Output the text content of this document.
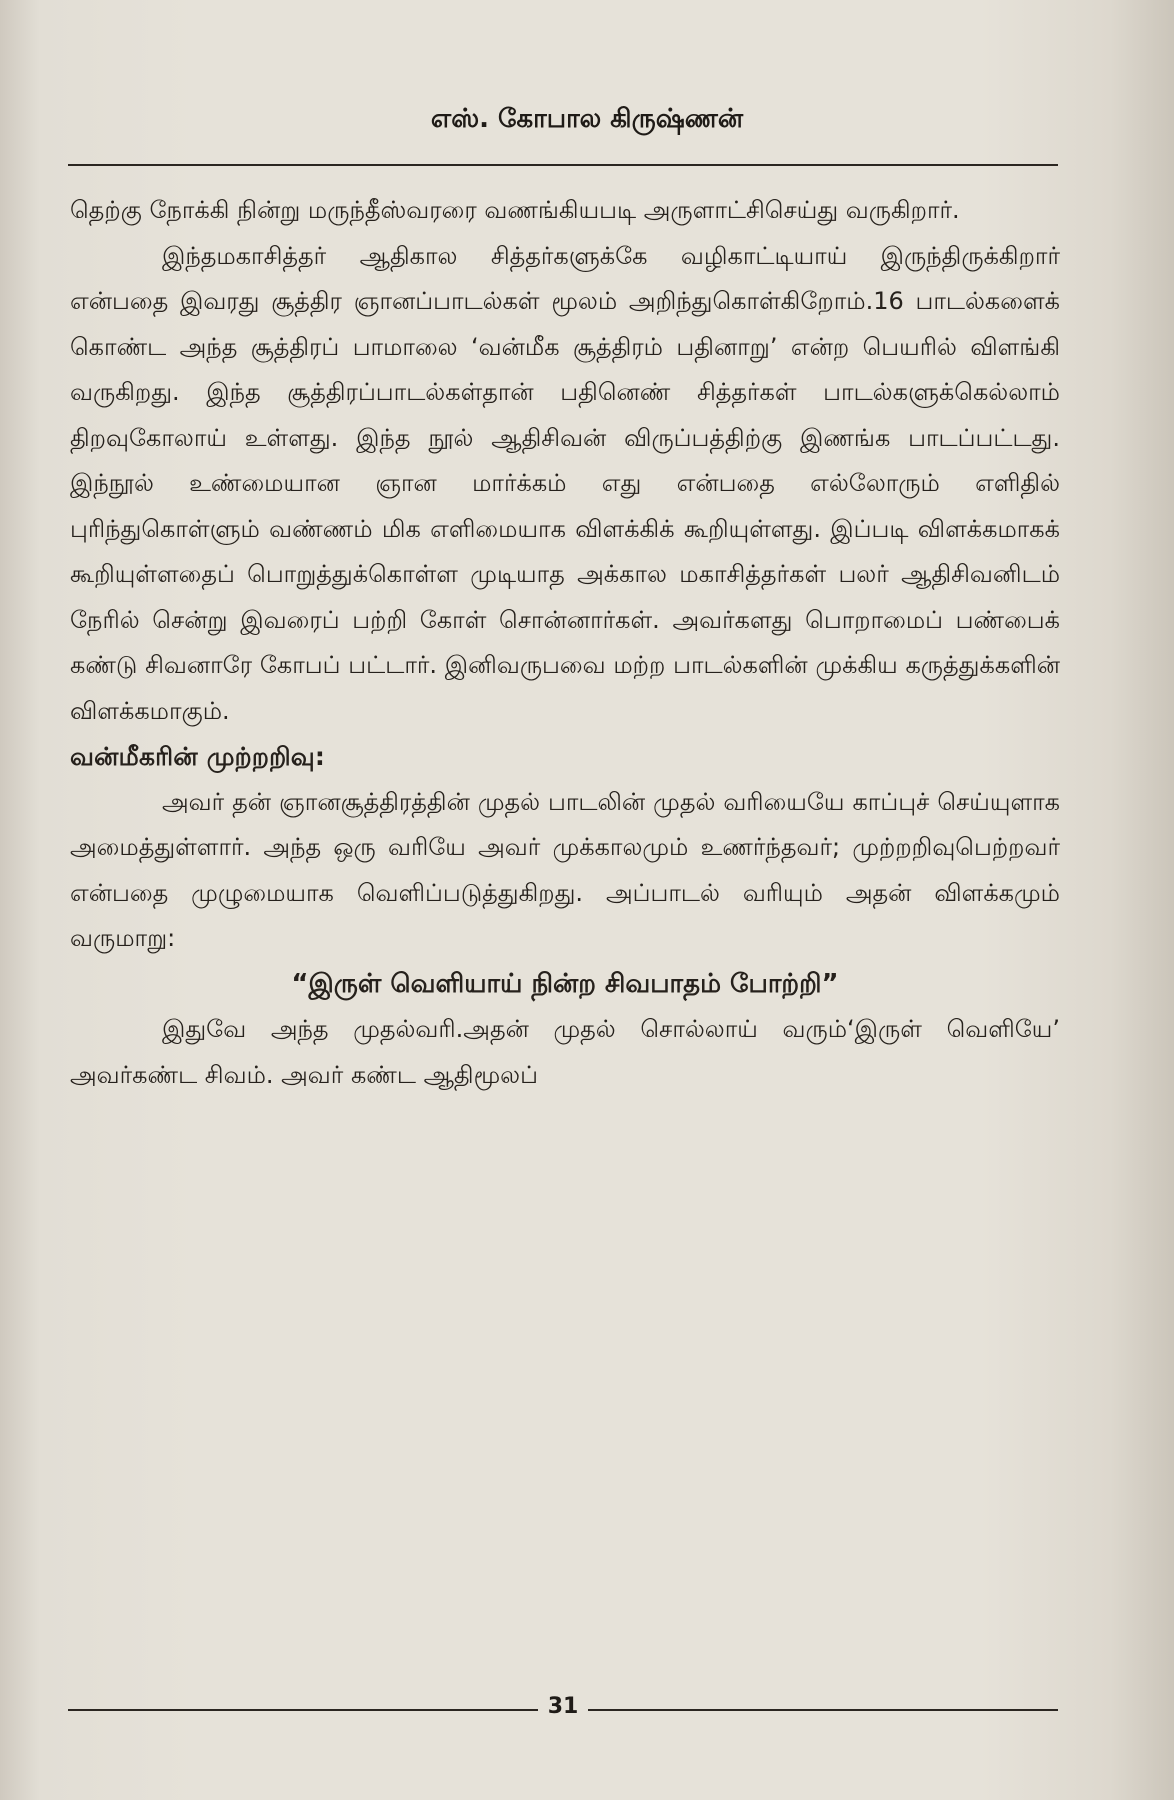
எஸ். கோபால கிருஷ்ணன்

தெற்கு நோக்கி நின்று மருந்தீஸ்வரரை வணங்கியபடி அருளாட்சிசெய்து வருகிறார்.

இந்தமகாசித்தர் ஆதிகால சித்தர்களுக்கே வழிகாட்டியாய் இருந்திருக்கிறார் என்பதை இவரது சூத்திர ஞானப்பாடல்கள் மூலம் அறிந்துகொள்கிறோம்.16 பாடல்களைக் கொண்ட அந்த சூத்திரப் பாமாலை ‘வன்மீக சூத்திரம் பதினாறு’ என்ற பெயரில் விளங்கி வருகிறது. இந்த சூத்திரப்பாடல்கள்தான் பதினெண் சித்தர்கள் பாடல்களுக்கெல்லாம் திறவுகோலாய் உள்ளது. இந்த நூல் ஆதிசிவன் விருப்பத்திற்கு இணங்க பாடப்பட்டது. இந்நூல் உண்மையான ஞான மார்க்கம் எது என்பதை எல்லோரும் எளிதில் புரிந்துகொள்ளும் வண்ணம் மிக எளிமையாக விளக்கிக் கூறியுள்ளது. இப்படி விளக்கமாகக் கூறியுள்ளதைப் பொறுத்துக்கொள்ள முடியாத அக்கால மகாசித்தர்கள் பலர் ஆதிசிவனிடம் நேரில் சென்று இவரைப் பற்றி கோள் சொன்னார்கள். அவர்களது பொறாமைப் பண்பைக் கண்டு சிவனாரே கோபப் பட்டார். இனிவருபவை மற்ற பாடல்களின் முக்கிய கருத்துக்களின் விளக்கமாகும்.

வன்மீகரின் முற்றறிவு:

அவர் தன் ஞானசூத்திரத்தின் முதல் பாடலின் முதல் வரியையே காப்புச் செய்யுளாக அமைத்துள்ளார். அந்த ஒரு வரியே அவர் முக்காலமும் உணர்ந்தவர்; முற்றறிவுபெற்றவர் என்பதை முழுமையாக வெளிப்படுத்துகிறது. அப்பாடல் வரியும் அதன் விளக்கமும் வருமாறு:

“இருள் வெளியாய் நின்ற சிவபாதம் போற்றி”

இதுவே அந்த முதல்வரி.அதன் முதல் சொல்லாய் வரும்‘இருள் வெளியே’ அவர்கண்ட சிவம். அவர் கண்ட ஆதிமூலப்

31
